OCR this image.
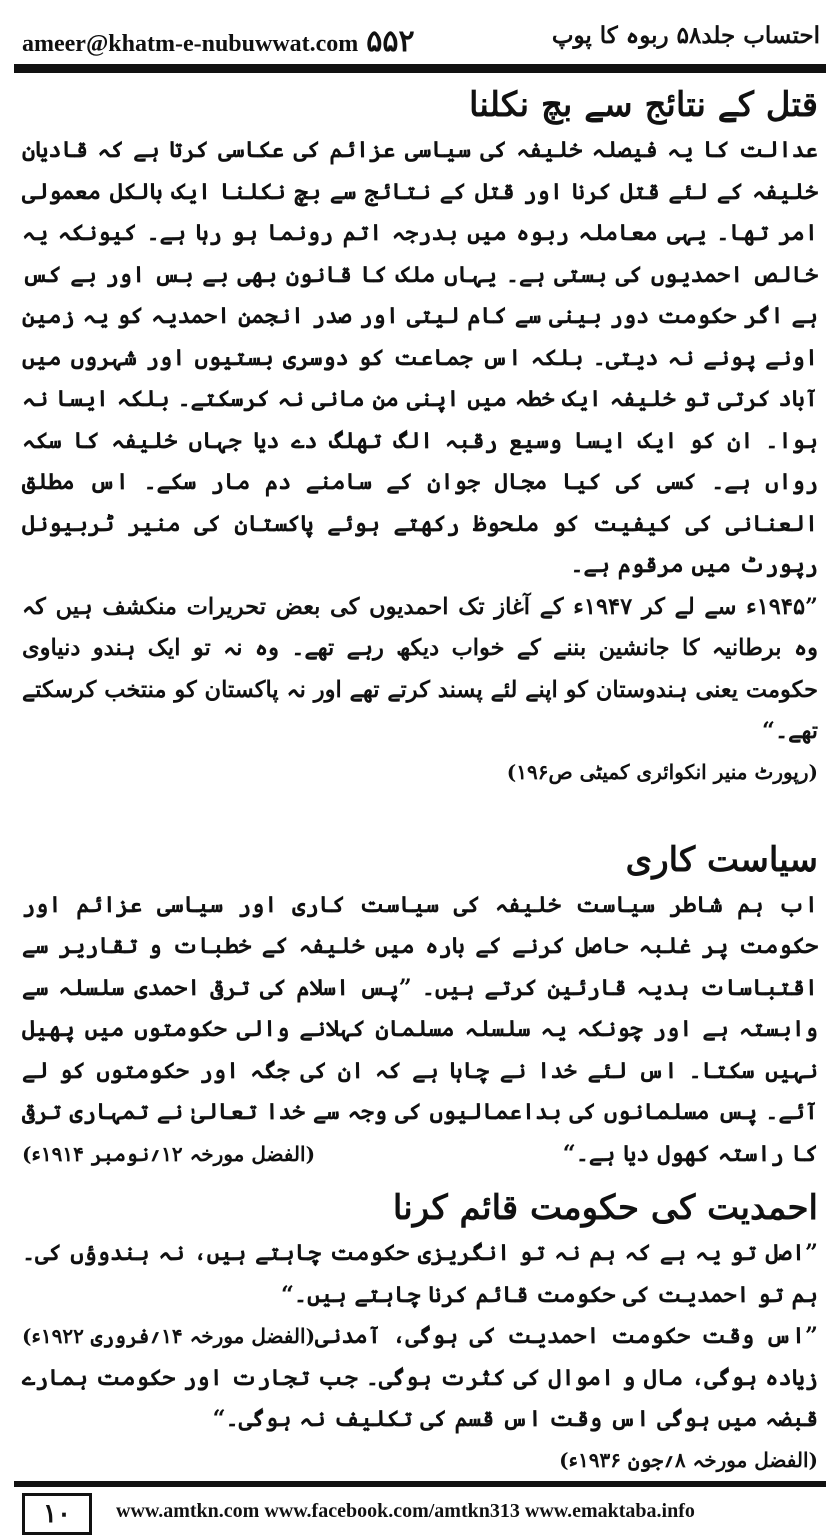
ameer@khatm-e-nubuwwat.com ۵۵۲	احتساب جلد۵۸ ربوہ کا پوپ
قتل کے نتائج سے بچ نکلنا

عدالت کا یہ فیصلہ خلیفہ کی سیاسی عزائم کی عکاسی کرتا ہے کہ قادیان خلیفہ کے لئے قتل کرنا اور قتل کے نتائج سے بچ نکلنا ایک بالکل معمولی امر تھا۔ یہی معاملہ ربوہ میں بدرجہ اتم رونما ہو رہا ہے۔ کیونکہ یہ خالص احمدیوں کی بستی ہے۔ یہاں ملک کا قانون بھی بے بس اور بے کس ہے اگر حکومت دور بینی سے کام لیتی اور صدر انجمن احمدیہ کو یہ زمین اونے پونے نہ دیتی۔ بلکہ اس جماعت کو دوسری بستیوں اور شہروں میں آباد کرتی تو خلیفہ ایک خطہ میں اپنی من مانی نہ کرسکتے۔ بلکہ ایسا نہ ہوا۔ ان کو ایک ایسا وسیع رقبہ الگ تھلگ دے دیا جہاں خلیفہ کا سکہ رواں ہے۔ کسی کی کیا مجال جوان کے سامنے دم مار سکے۔ اس مطلق العنانی کی کیفیت کو ملحوظ رکھتے ہوئے پاکستان کی منیر ٹربیونل رپورٹ میں مرقوم ہے۔

”۱۹۴۵ء سے لے کر ۱۹۴۷ء کے آغاز تک احمدیوں کی بعض تحریرات منکشف ہیں کہ وہ برطانیہ کا جانشین بننے کے خواب دیکھ رہے تھے۔ وہ نہ تو ایک ہندو دنیاوی حکومت یعنی ہندوستان کو اپنے لئے پسند کرتے تھے اور نہ پاکستان کو منتخب کرسکتے تھے۔“

(رپورٹ منیر انکوائری کمیٹی ص۱۹۶)

سیاست کاری

اب ہم شاطر سیاست خلیفہ کی سیاست کاری اور سیاسی عزائم اور حکومت پر غلبہ حاصل کرنے کے بارہ میں خلیفہ کے خطبات و تقاریر سے اقتباسات ہدیہ قارئین کرتے ہیں۔ ”پس اسلام کی ترقی احمدی سلسلہ سے وابستہ ہے اور چونکہ یہ سلسلہ مسلمان کہلانے والی حکومتوں میں پھیل نہیں سکتا۔ اس لئے خدا نے چاہا ہے کہ ان کی جگہ اور حکومتوں کو لے آئے۔ پس مسلمانوں کی بداعمالیوں کی وجہ سے خدا تعالیٰ نے تمہاری ترقی کا راستہ کھول دیا ہے۔“
(الفضل مورخہ ۱۲؍نومبر ۱۹۱۴ء)

احمدیت کی حکومت قائم کرنا

”اصل تو یہ ہے کہ ہم نہ تو انگریزی حکومت چاہتے ہیں، نہ ہندوؤں کی۔ ہم تو احمدیت کی حکومت قائم کرنا چاہتے ہیں۔“
(الفضل مورخہ ۱۴؍فروری ۱۹۲۲ء) ”اس وقت حکومت احمدیت کی ہوگی، آمدنی زیادہ ہوگی، مال و اموال کی کثرت ہوگی۔ جب تجارت اور حکومت ہمارے قبضہ میں ہوگی اس وقت اس قسم کی تکلیف نہ ہوگی۔“

(الفضل مورخہ ۸؍جون ۱۹۳۶ء)

۱۰	www.amtkn.com www.facebook.com/amtkn313 www.emaktaba.info
